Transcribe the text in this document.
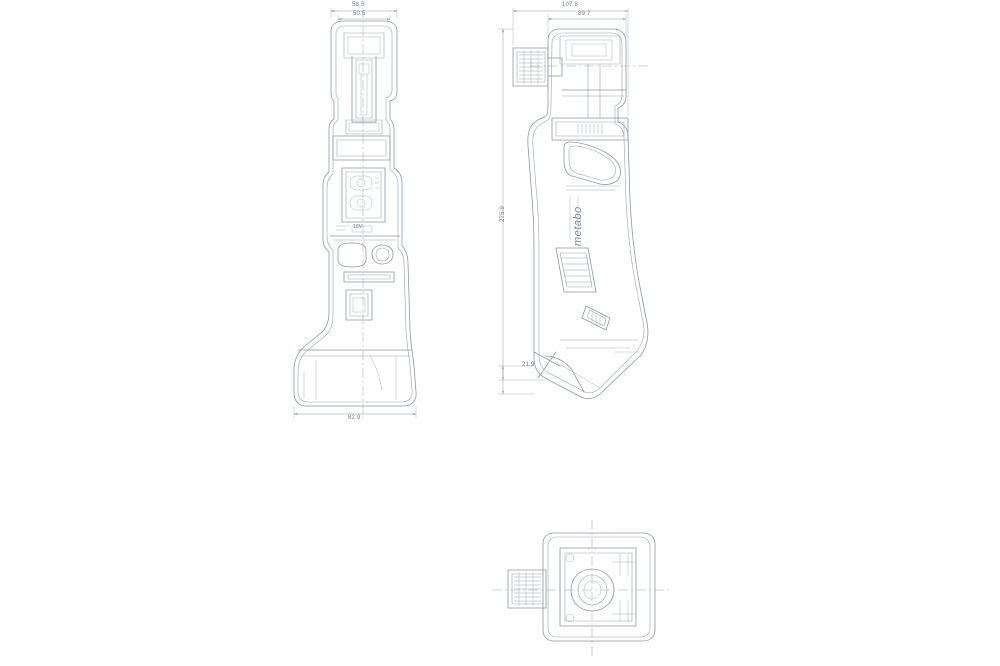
58.5
50.5
82.9
18V
107.8
89.7
275.9
21.9
metabo
